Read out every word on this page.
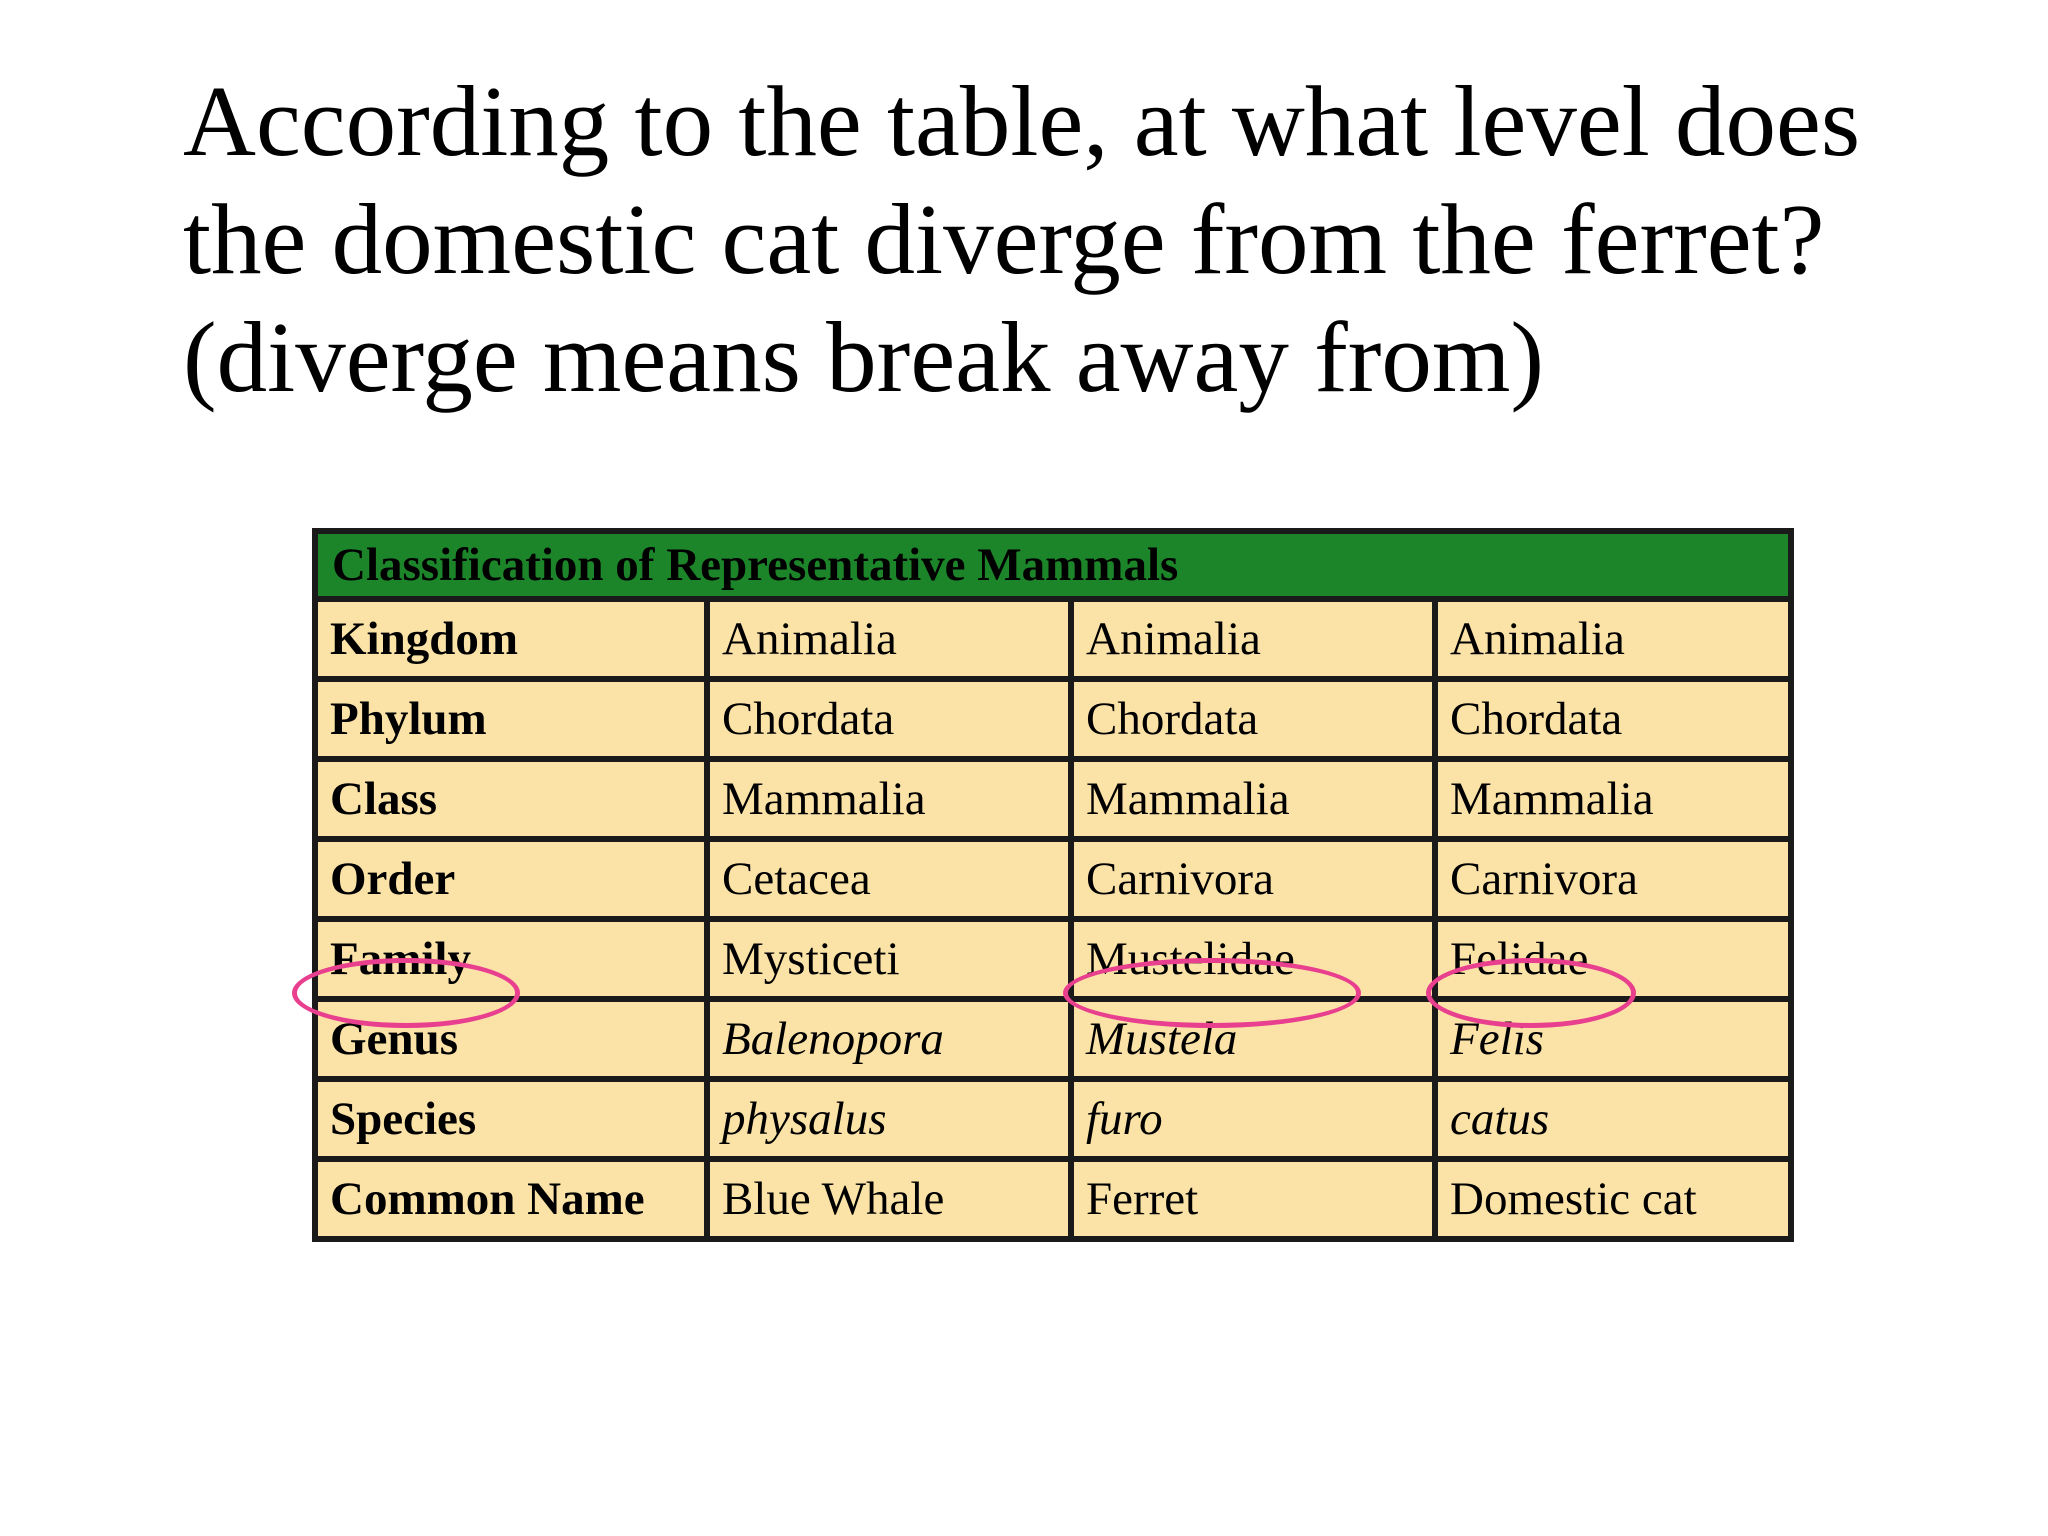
According to the table, at what level does
the domestic cat diverge from the ferret?
(diverge means break away from)
Classification of Representative Mammals			
Kingdom	Animalia	Animalia	Animalia
Phylum	Chordata	Chordata	Chordata
Class	Mammalia	Mammalia	Mammalia
Order	Cetacea	Carnivora	Carnivora
Family	Mysticeti	Mustelidae	Felidae
Genus	Balenopora	Mustela	Felis
Species	physalus	furo	catus
Common Name	Blue Whale	Ferret	Domestic cat
